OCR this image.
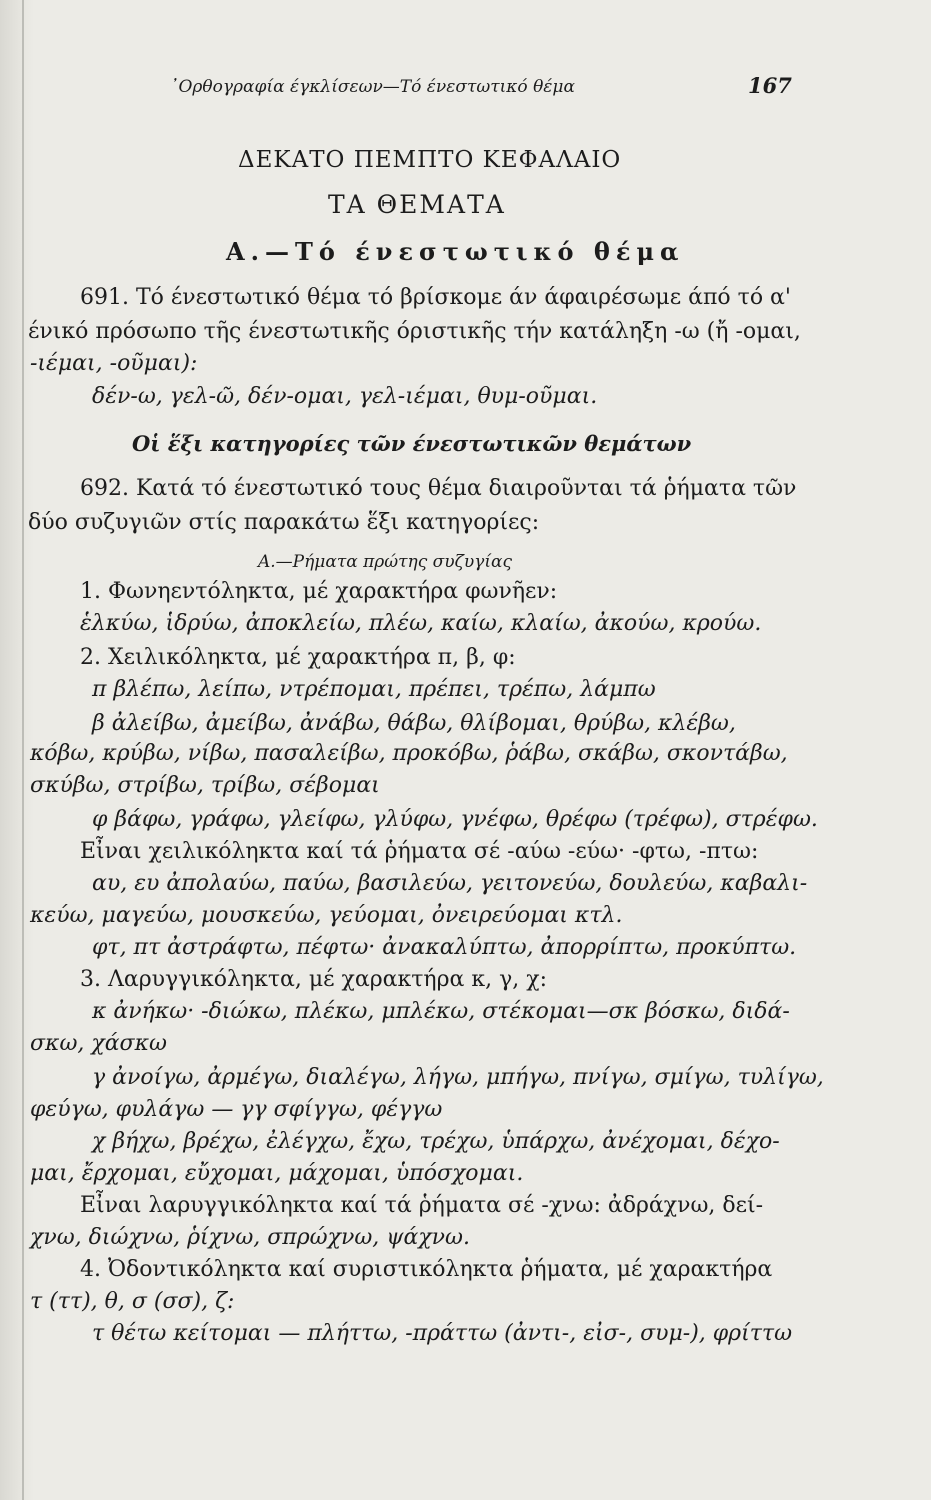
᾽Ορθογραφία έγκλίσεων—Τό ένεστωτικό θέμα	167
ΔΕΚΑΤΟ ΠΕΜΠΤΟ ΚΕΦΑΛΑΙΟ
ΤΑ ΘΕΜΑΤΑ
Α.—Τό ένεστωτικό θέμα
691. Τό ένεστωτικό θέμα τό βρίσκομε άν άφαιρέσωμε άπό τό α'
ένικό πρόσωπο τῆς ένεστωτικῆς όριστικῆς τήν κατάληξη -ω (ἤ -ομαι,
-ιέμαι, -οῦμαι):
δέν-ω, γελ-ῶ, δέν-ομαι, γελ-ιέμαι, θυμ-οῦμαι.
Οἱ ἕξι κατηγορίες τῶν ένεστωτικῶν θεμάτων
692. Κατά τό ένεστωτικό τους θέμα διαιροῦνται τά ῥήματα τῶν
δύο συζυγιῶν στίς παρακάτω ἕξι κατηγορίες:
Α.—Ρήματα πρώτης συζυγίας
1. Φωνηεντόληκτα, μέ χαρακτήρα φωνῆεν:
ἑλκύω, ἱδρύω, ἀποκλείω, πλέω, καίω, κλαίω, ἀκούω, κρούω.
2. Χειλικόληκτα, μέ χαρακτήρα π, β, φ:
π βλέπω, λείπω, ντρέπομαι, πρέπει, τρέπω, λάμπω
β ἀλείβω, ἀμείβω, ἀνάβω, θάβω, θλίβομαι, θρύβω, κλέβω,
κόβω, κρύβω, νίβω, πασαλείβω, προκόβω, ῥάβω, σκάβω, σκοντάβω,
σκύβω, στρίβω, τρίβω, σέβομαι
φ βάφω, γράφω, γλείφω, γλύφω, γνέφω, θρέφω (τρέφω), στρέφω.
Εἶναι χειλικόληκτα καί τά ῥήματα σέ -αύω -εύω· -φτω, -πτω:
αυ, ευ ἀπολαύω, παύω, βασιλεύω, γειτονεύω, δουλεύω, καβαλι-
κεύω, μαγεύω, μουσκεύω, γεύομαι, ὀνειρεύομαι κτλ.
φτ, πτ ἀστράφτω, πέφτω· ἀνακαλύπτω, ἀπορρίπτω, προκύπτω.
3. Λαρυγγικόληκτα, μέ χαρακτήρα κ, γ, χ:
κ ἀνήκω· -διώκω, πλέκω, μπλέκω, στέκομαι—σκ βόσκω, διδά-
σκω, χάσκω
γ ἀνοίγω, ἀρμέγω, διαλέγω, λήγω, μπήγω, πνίγω, σμίγω, τυλίγω,
φεύγω, φυλάγω — γγ σφίγγω, φέγγω
χ βήχω, βρέχω, ἐλέγχω, ἔχω, τρέχω, ὑπάρχω, ἀνέχομαι, δέχο-
μαι, ἔρχομαι, εὔχομαι, μάχομαι, ὑπόσχομαι.
Εἶναι λαρυγγικόληκτα καί τά ῥήματα σέ -χνω: ἀδράχνω, δεί-
χνω, διώχνω, ῥίχνω, σπρώχνω, ψάχνω.
4. Ὀδοντικόληκτα καί συριστικόληκτα ῥήματα, μέ χαρακτήρα
τ (ττ), θ, σ (σσ), ζ:
τ θέτω κείτομαι — πλήττω, -πράττω (ἀντι-, εἰσ-, συμ-), φρίττω
